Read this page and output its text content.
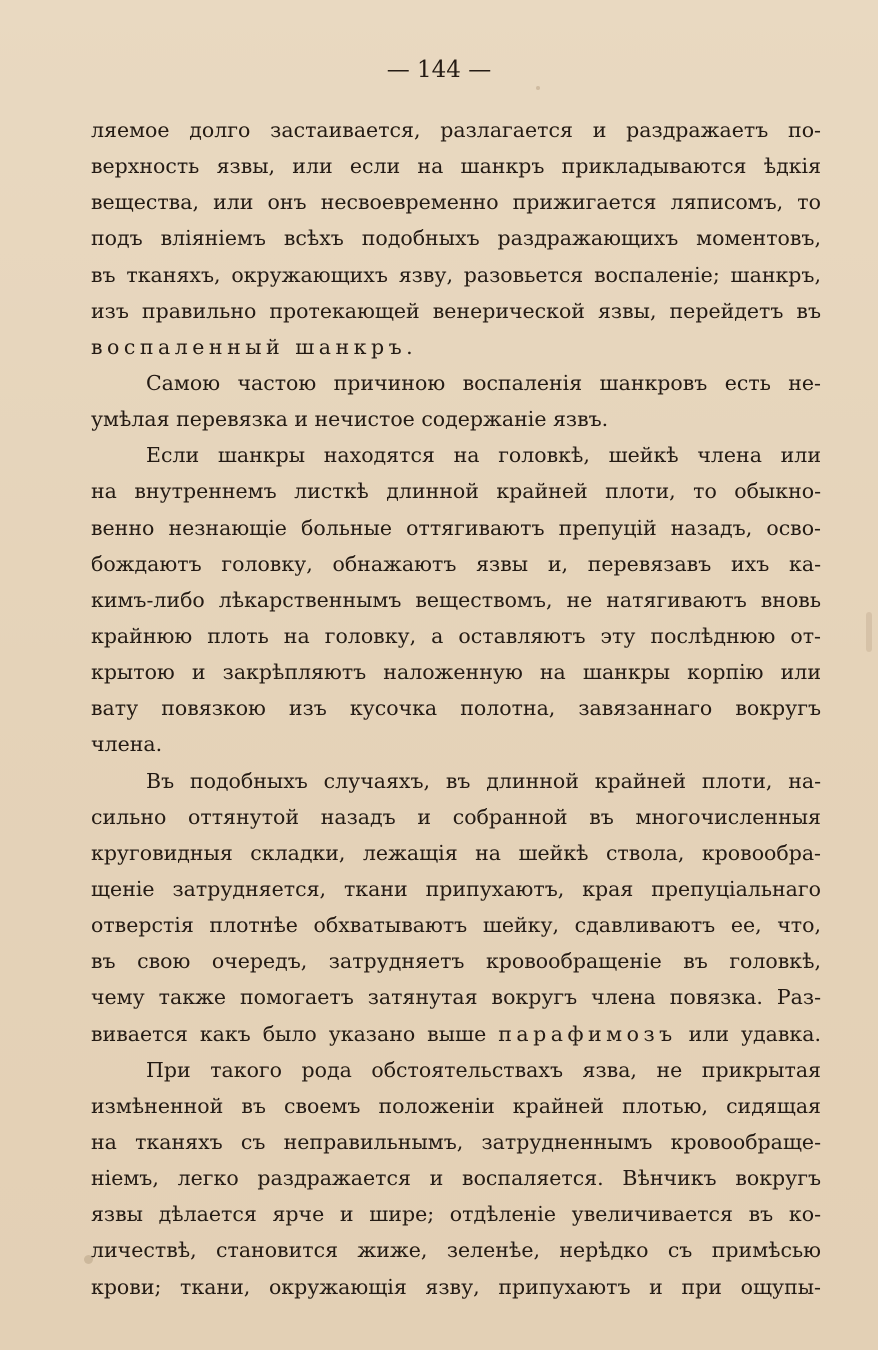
— 144 —
ляемое долго застаивается, разлагается и раздражаетъ по-
верхность язвы, или если на шанкръ прикладываются ѣдкія
вещества, или онъ несвоевременно прижигается ляписомъ, то
подъ вліяніемъ всѣхъ подобныхъ раздражающихъ моментовъ,
въ тканяхъ, окружающихъ язву, разовьется воспаленіе; шанкръ,
изъ правильно протекающей венерической язвы, перейдетъ въ
воспаленный шанкръ.
Самою частою причиною воспаленія шанкровъ есть не-
умѣлая перевязка и нечистое содержаніе язвъ.
Если шанкры находятся на головкѣ, шейкѣ члена или
на внутреннемъ листкѣ длинной крайней плоти, то обыкно-
венно незнающіе больные оттягиваютъ препуцій назадъ, осво-
бождаютъ головку, обнажаютъ язвы и, перевязавъ ихъ ка-
кимъ-либо лѣкарственнымъ веществомъ, не натягиваютъ вновь
крайнюю плоть на головку, а оставляютъ эту послѣднюю от-
крытою и закрѣпляютъ наложенную на шанкры корпію или
вату повязкою изъ кусочка полотна, завязаннаго вокругъ
члена.
Въ подобныхъ случаяхъ, въ длинной крайней плоти, на-
сильно оттянутой назадъ и собранной въ многочисленныя
круговидныя складки, лежащія на шейкѣ ствола, кровообра-
щеніе затрудняется, ткани припухаютъ, края препуціальнаго
отверстія плотнѣе обхватываютъ шейку, сдавливаютъ ее, что,
въ свою очередъ, затрудняетъ кровообращеніе въ головкѣ,
чему также помогаетъ затянутая вокругъ члена повязка. Раз-
вивается какъ было указано выше парафимозъ или удавка.
При такого рода обстоятельствахъ язва, не прикрытая
измѣненной въ своемъ положеніи крайней плотью, сидящая
на тканяхъ съ неправильнымъ, затрудненнымъ кровообраще-
ніемъ, легко раздражается и воспаляется. Вѣнчикъ вокругъ
язвы дѣлается ярче и шире; отдѣленіе увеличивается въ ко-
личествѣ, становится жиже, зеленѣе, нерѣдко съ примѣсью
крови; ткани, окружающія язву, припухаютъ и при ощупы-
